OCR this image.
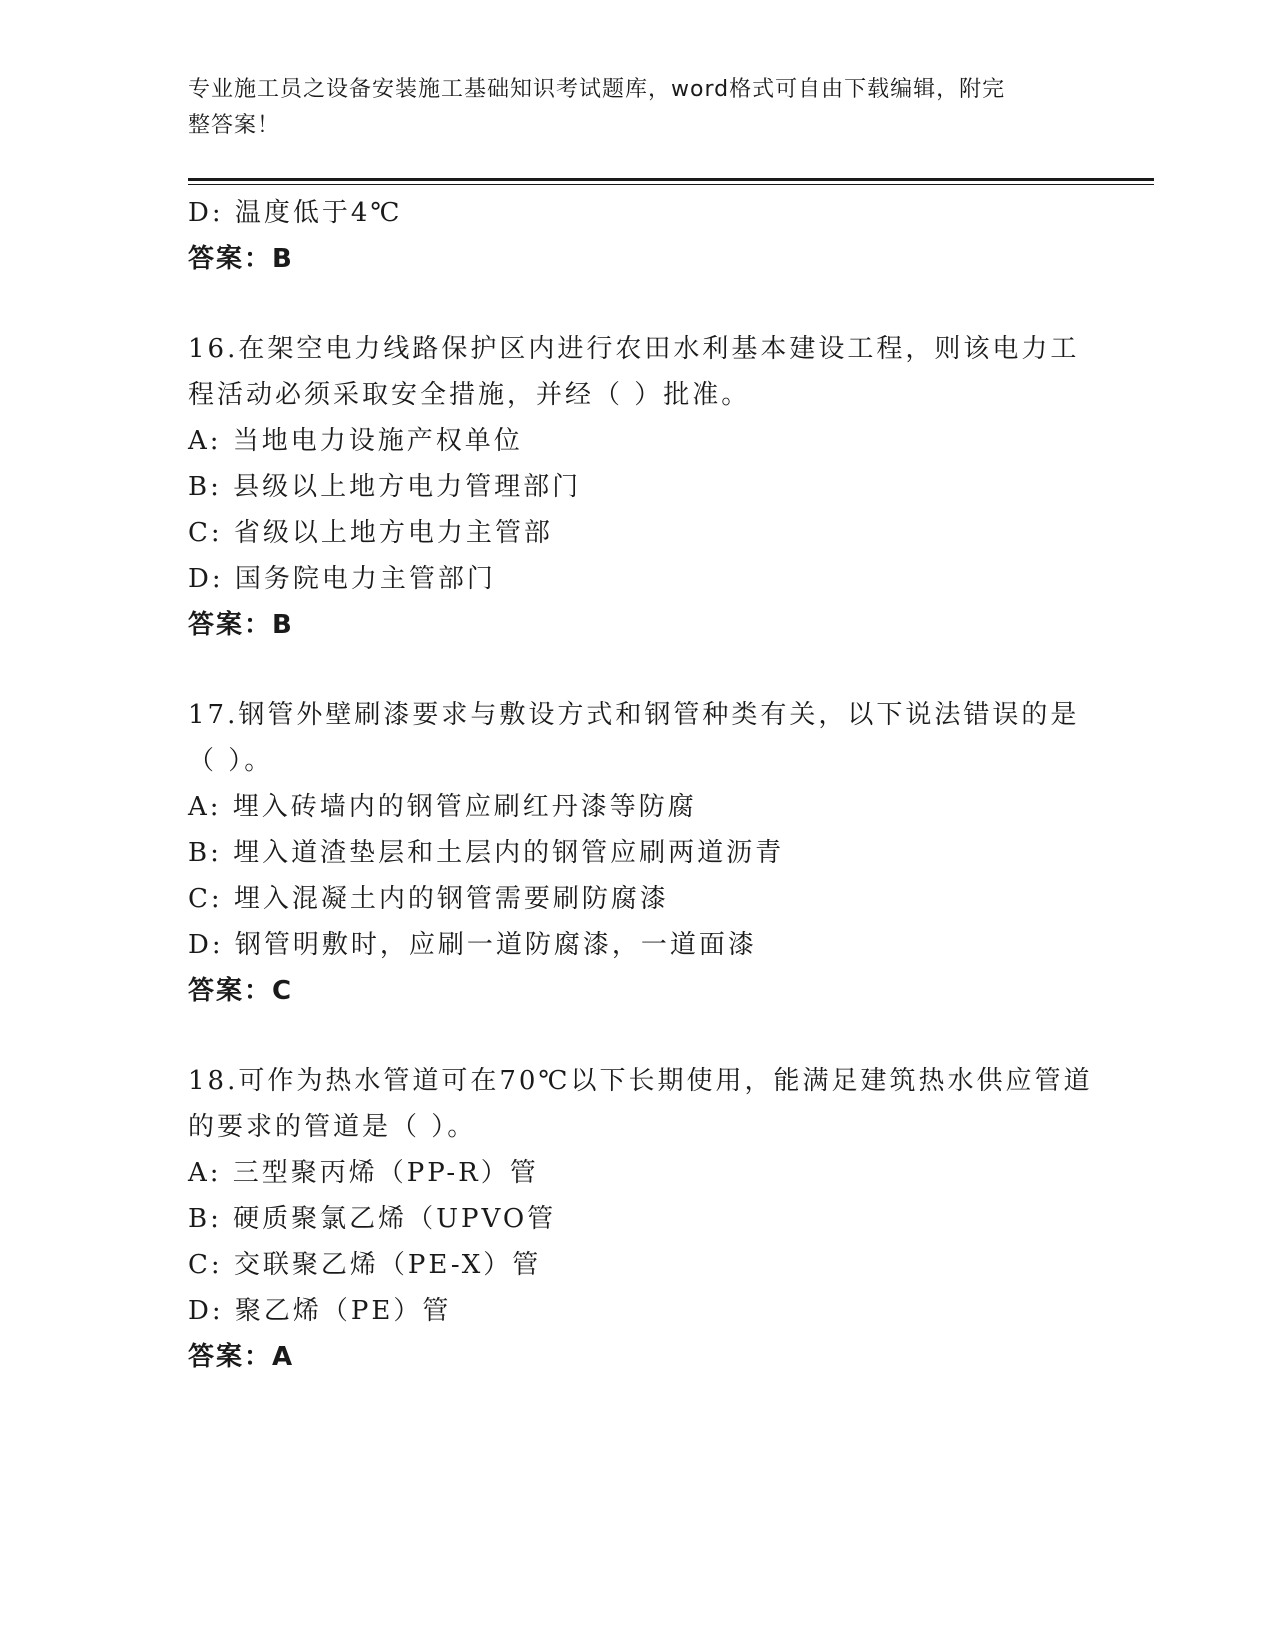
专业施工员之设备安装施工基础知识考试题库，word格式可自由下载编辑，附完
整答案！
D: 温度低于4℃
答案：B
16.在架空电力线路保护区内进行农田水利基本建设工程，则该电力工
程活动必须采取安全措施，并经（ ）批准。
A: 当地电力设施产权单位
B: 县级以上地方电力管理部门
C: 省级以上地方电力主管部
D: 国务院电力主管部门
答案：B
17.钢管外壁刷漆要求与敷设方式和钢管种类有关，以下说法错误的是
（ ）。
A: 埋入砖墙内的钢管应刷红丹漆等防腐
B: 埋入道渣垫层和土层内的钢管应刷两道沥青
C: 埋入混凝土内的钢管需要刷防腐漆
D: 钢管明敷时，应刷一道防腐漆，一道面漆
答案：C
18.可作为热水管道可在70℃以下长期使用，能满足建筑热水供应管道
的要求的管道是（ ）。
A: 三型聚丙烯（PP-R）管
B: 硬质聚氯乙烯（UPVO管
C: 交联聚乙烯（PE-X）管
D: 聚乙烯（PE）管
答案：A
